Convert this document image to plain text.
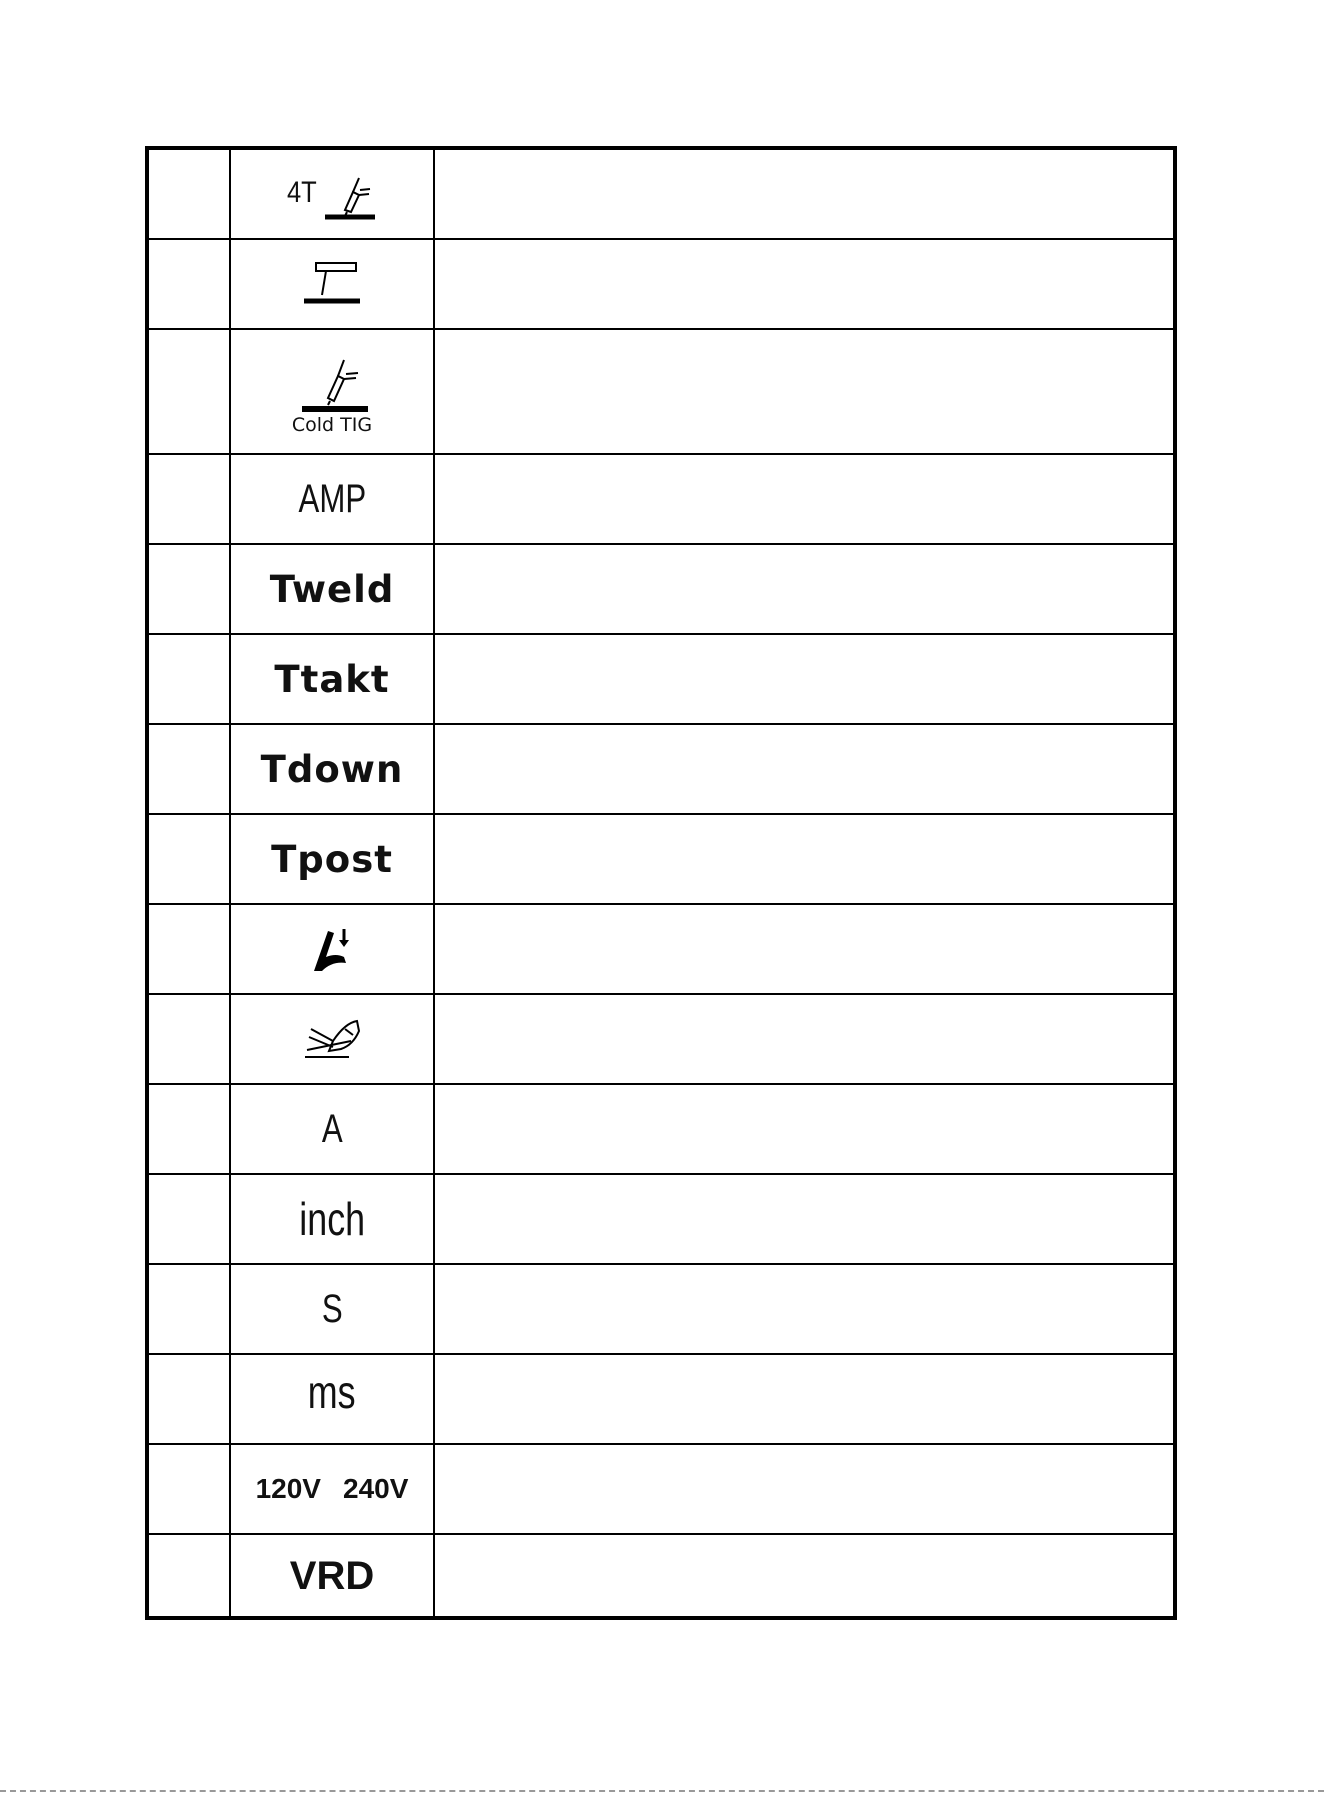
4T
Cold TIG
AMP
Tweld
Ttakt
Tdown
Tpost
A
inch
S
ms
120V 240V
VRD
